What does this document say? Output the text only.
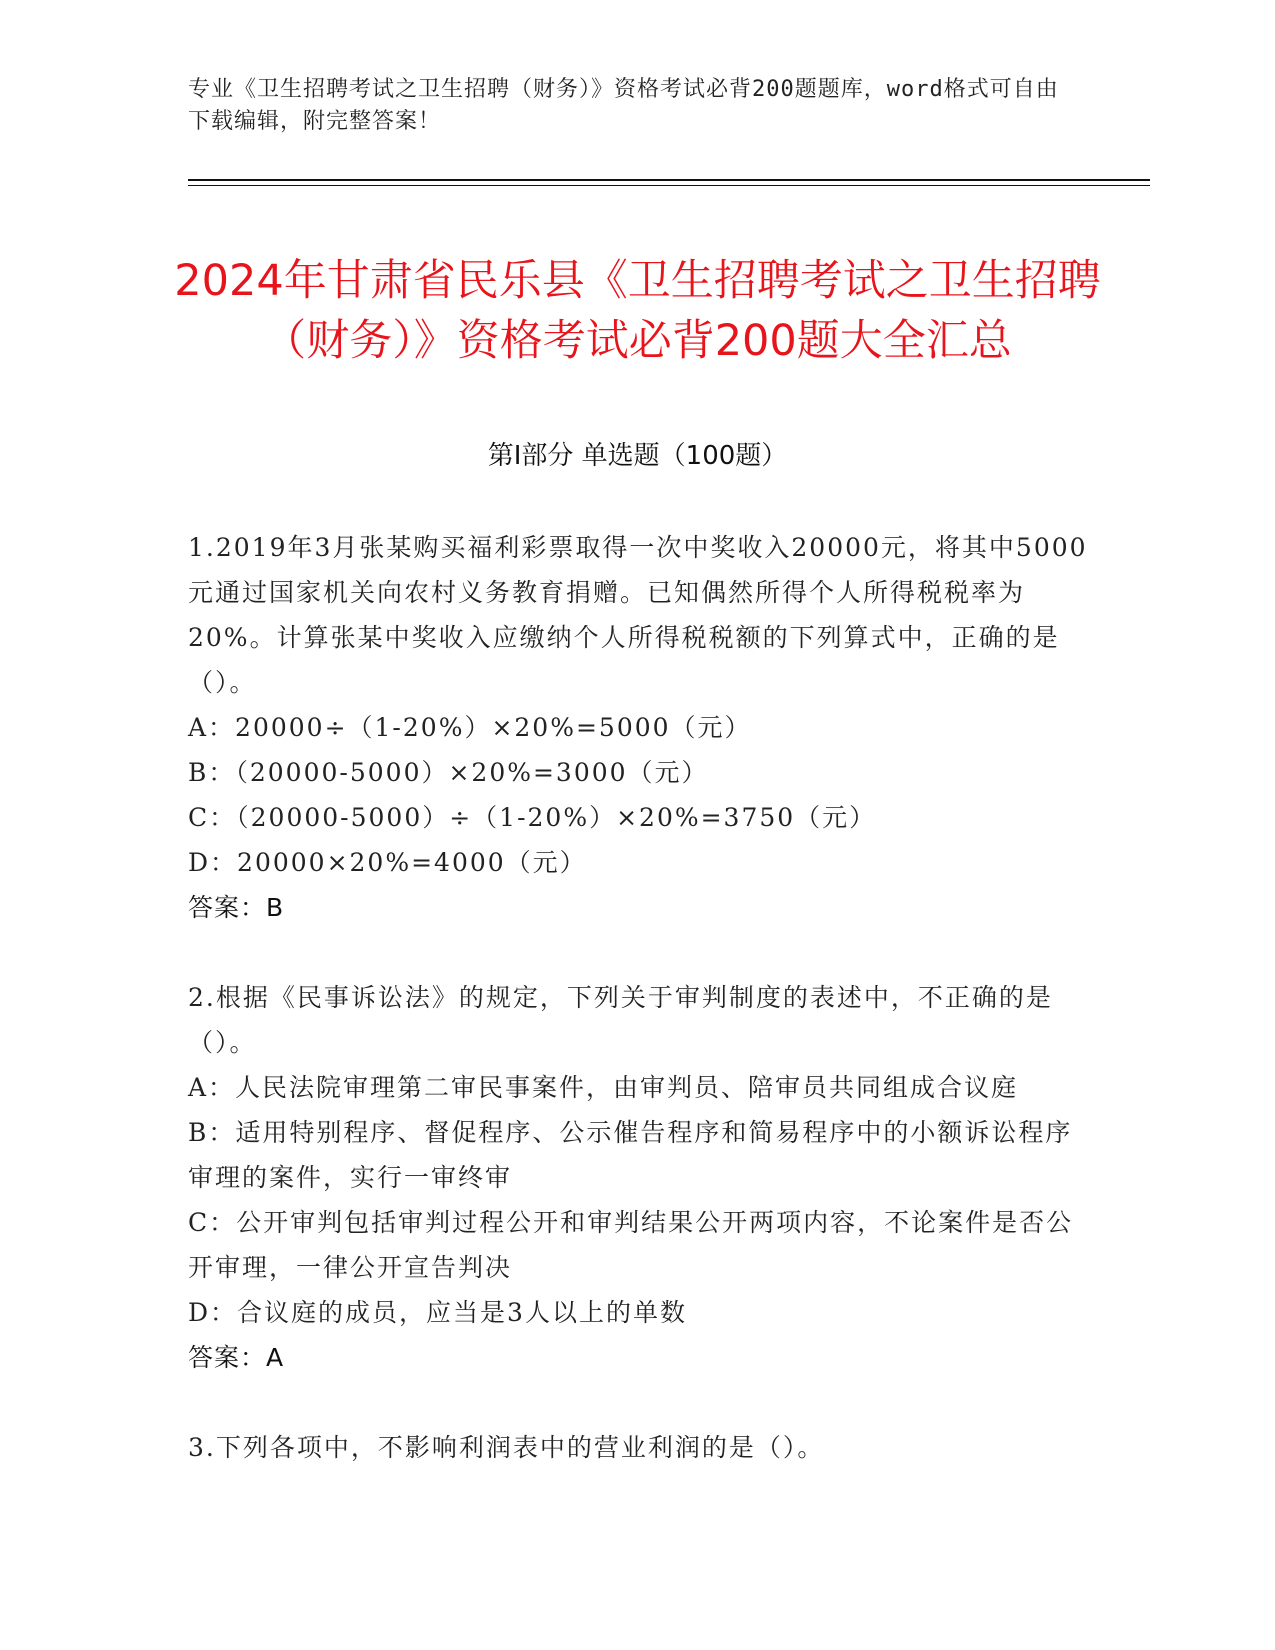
专业《卫生招聘考试之卫生招聘（财务）》资格考试必背200题题库，word格式可自由下载编辑，附完整答案！
2024年甘肃省民乐县《卫生招聘考试之卫生招聘（财务）》资格考试必背200题大全汇总
第I部分 单选题（100题）

1.2019年3月张某购买福利彩票取得一次中奖收入20000元，将其中5000元通过国家机关向农村义务教育捐赠。已知偶然所得个人所得税税率为20%。计算张某中奖收入应缴纳个人所得税税额的下列算式中，正确的是（）。

A：20000÷（1-20%）×20%=5000（元）

B：（20000-5000）×20%=3000（元）

C：（20000-5000）÷（1-20%）×20%=3750（元）

D：20000×20%=4000（元）

答案：B

2.根据《民事诉讼法》的规定，下列关于审判制度的表述中，不正确的是（）。

A：人民法院审理第二审民事案件，由审判员、陪审员共同组成合议庭

B：适用特别程序、督促程序、公示催告程序和简易程序中的小额诉讼程序审理的案件，实行一审终审

C：公开审判包括审判过程公开和审判结果公开两项内容，不论案件是否公开审理，一律公开宣告判决

D：合议庭的成员，应当是3人以上的单数

答案：A

3.下列各项中，不影响利润表中的营业利润的是（）。
